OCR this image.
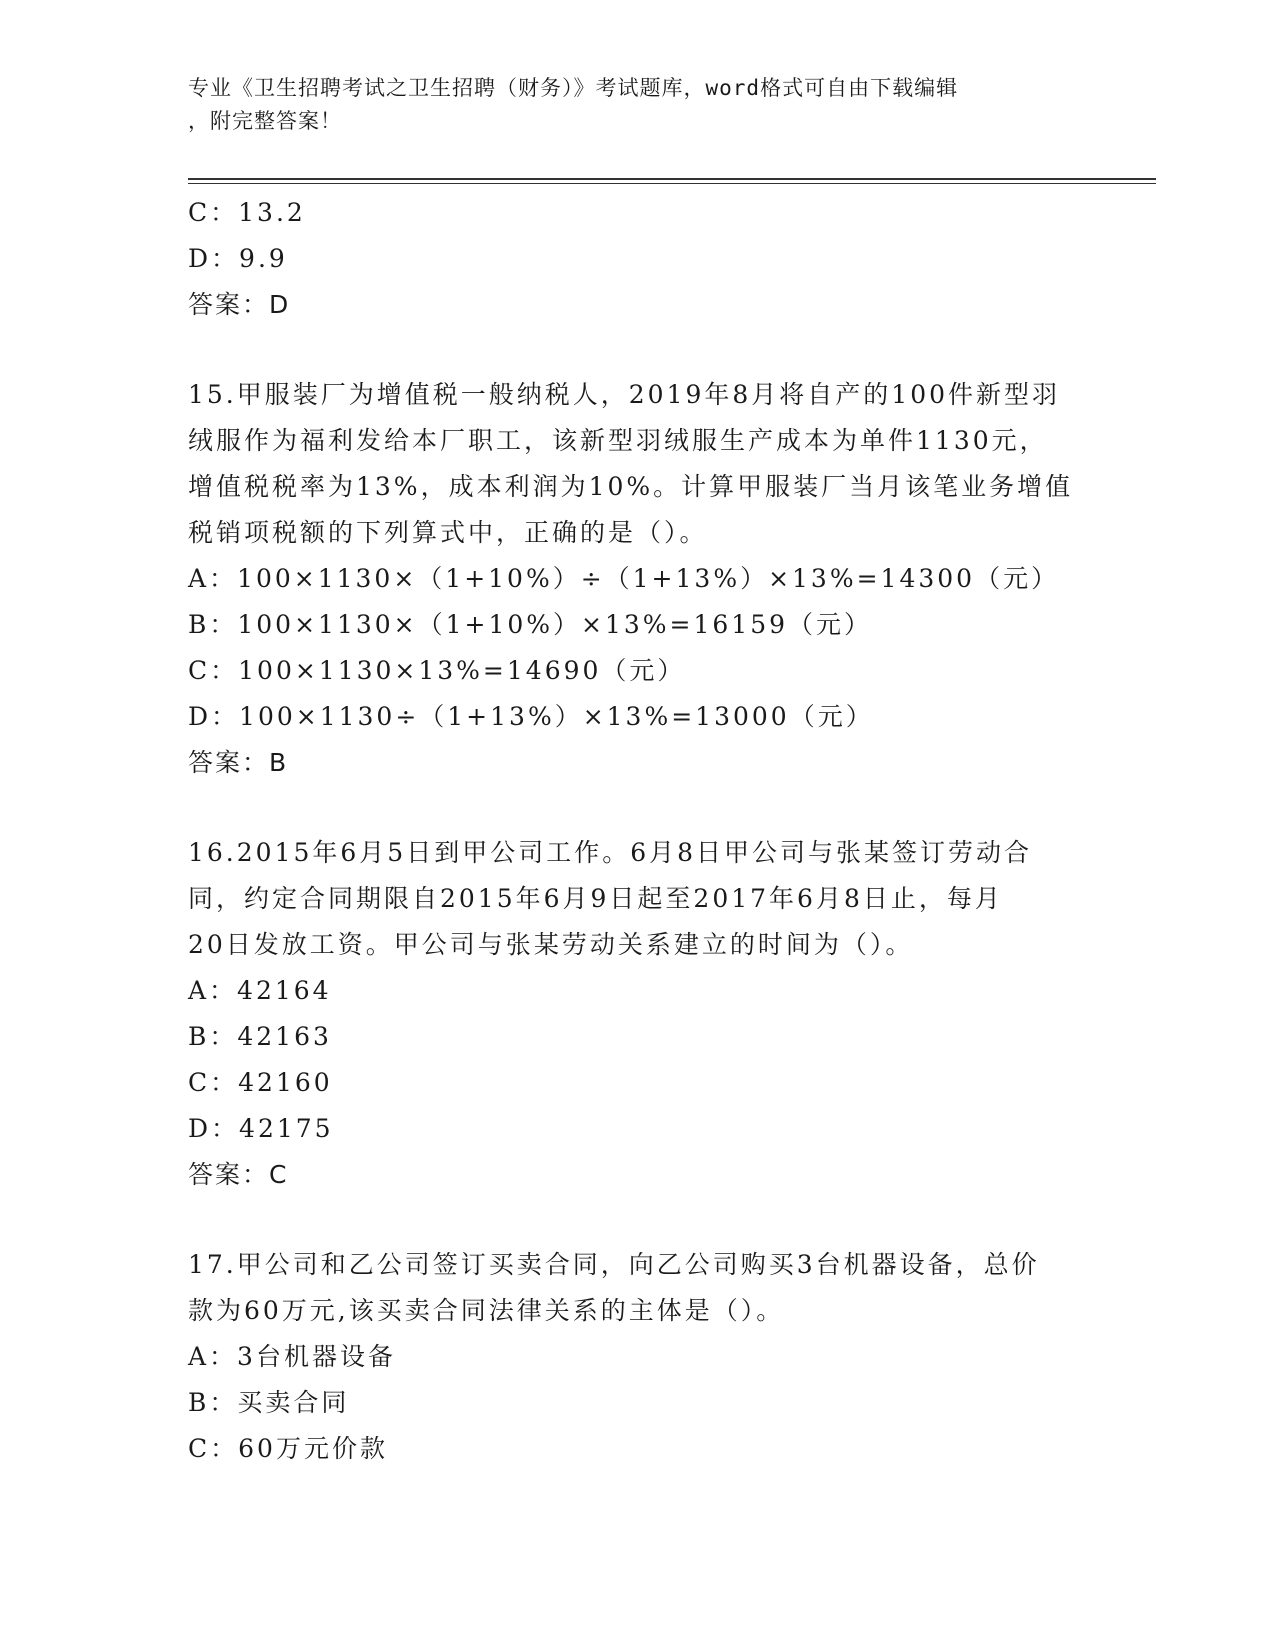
专业《卫生招聘考试之卫生招聘（财务）》考试题库，word格式可自由下载编辑
，附完整答案！
C：13.2
D：9.9
答案：D
15.甲服装厂为增值税一般纳税人，2019年8月将自产的100件新型羽
绒服作为福利发给本厂职工，该新型羽绒服生产成本为单件1130元，
增值税税率为13%，成本利润为10%。计算甲服装厂当月该笔业务增值
税销项税额的下列算式中，正确的是（）。
A：100×1130×（1+10%）÷（1+13%）×13%=14300（元）
B：100×1130×（1+10%）×13%=16159（元）
C：100×1130×13%=14690（元）
D：100×1130÷（1+13%）×13%=13000（元）
答案：B
16.2015年6月5日到甲公司工作。6月8日甲公司与张某签订劳动合
同，约定合同期限自2015年6月9日起至2017年6月8日止，每月
20日发放工资。甲公司与张某劳动关系建立的时间为（）。
A：42164
B：42163
C：42160
D：42175
答案：C
17.甲公司和乙公司签订买卖合同，向乙公司购买3台机器设备，总价
款为60万元,该买卖合同法律关系的主体是（）。
A：3台机器设备
B：买卖合同
C：60万元价款
